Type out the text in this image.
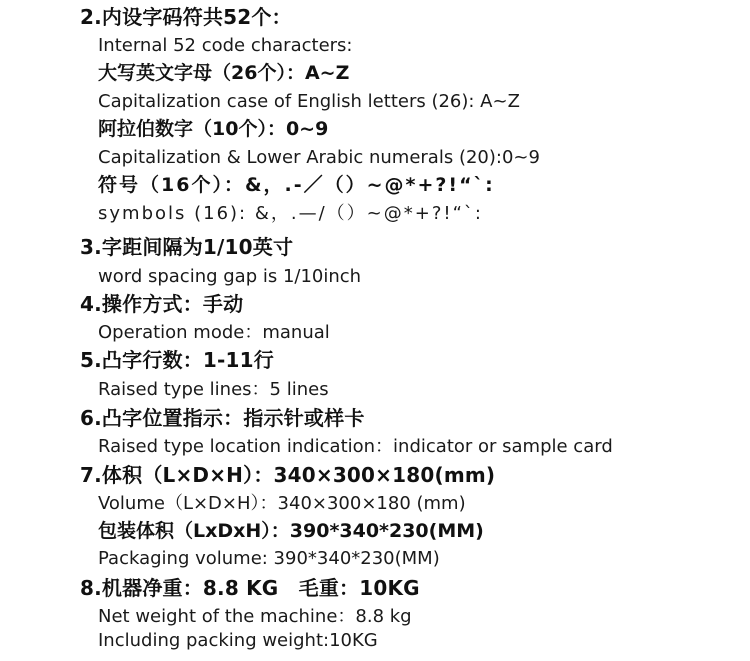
2.内设字码符共52个：
Internal 52 code characters:
大写英文字母（26个）：A~Z
Capitalization case of English letters (26): A~Z
阿拉伯数字（10个）：0~9
Capitalization & Lower Arabic numerals (20):0~9
符号（16个）：&，.-／（）~@*+?!“`:
symbols (16): &，.—/（）~@*+?!“`:
3.字距间隔为1/10英寸
word spacing gap is 1/10inch
4.操作方式：手动
Operation mode：manual
5.凸字行数：1-11行
Raised type lines：5 lines
6.凸字位置指示：指示针或样卡
Raised type location indication：indicator or sample card
7.体积（L×D×H）：340×300×180(mm)
Volume（L×D×H）：340×300×180 (mm)
包装体积（LxDxH）：390*340*230(MM)
Packaging volume: 390*340*230(MM)
8.机器净重：8.8 KG　毛重：10KG
Net weight of the machine：8.8 kg
Including packing weight:10KG
